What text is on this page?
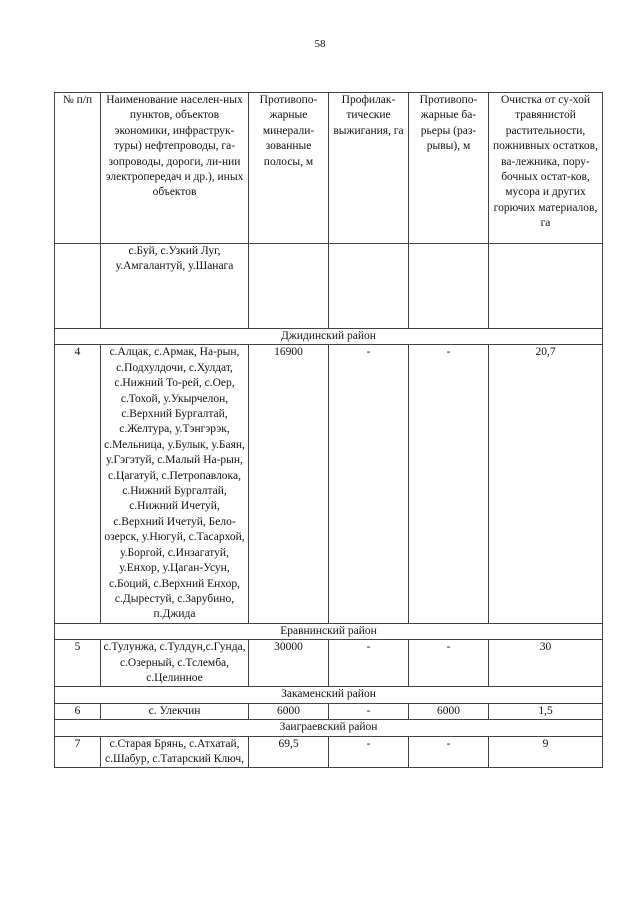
58
№ п/п	Наименование населен-ных пунктов, объектов экономики, инфраструк-туры) нефтепроводы, га-зопроводы, дороги, ли-нии электропередач и др.), иных объектов	Противопо-жарные минерали-зованные полосы, м	Профилак-тические выжигания, га	Противопо-жарные ба-рьеры (раз-рывы), м	Очистка от су-хой травянистой растительности, пожнивных остатков, ва-лежника, пору-бочных остат-ков, мусора и других горючих материалов, га
	с.Буй, с.Узкий Луг, у.Амгалантуй, у.Шанага				
Джидинский район					
4	с.Алцак, с.Армак, На-рын, с.Подхулдочи, с.Хулдат, с.Нижний То-рей, с.Оер, с.Тохой, у.Укырчелон, с.Верхний Бургалтай, с.Желтура, у.Тэнгэрэк, с.Мельница, у.Булык, у.Баян, у.Гэгэтуй, с.Малый На-рын, с.Цагатуй, с.Петропавлока, с.Нижний Бургалтай, с.Нижний Ичетуй, с.Верхний Ичетуй, Бело-озерск, у.Нюгуй, с.Тасархой, у.Боргой, с.Инзагатуй, у.Енхор, у.Цаган-Усун, с.Боций, с.Верхний Енхор, с.Дырестуй, с.Зарубино, п.Джида	16900	-	-	20,7
Еравнинский район					
5	с.Тулунжа, с.Тулдун,с.Гунда, с.Озерный, с.Тслемба, с.Целинное	30000	-	-	30
Закаменский район					
6	с. Улекчин	6000	-	6000	1,5
Заиграевский район					
7	с.Старая Брянь, с.Атхатай, с.Шабур, с.Татарский Ключ,	69,5	-	-	9
